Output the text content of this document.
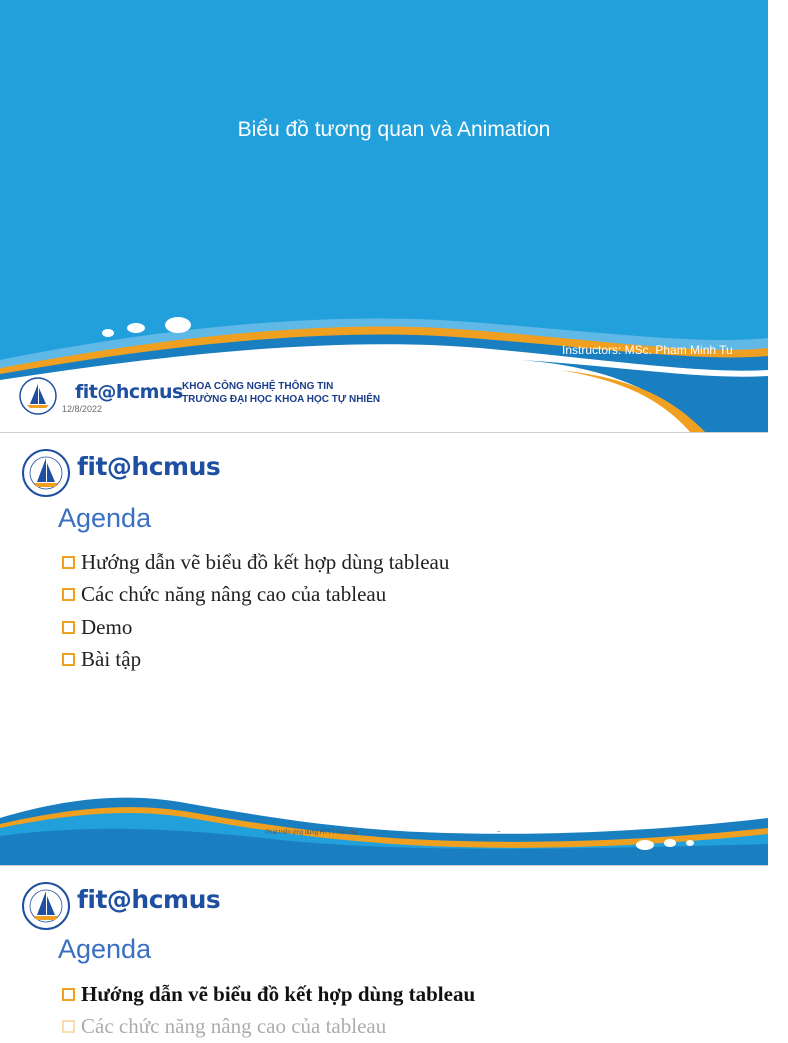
Biểu đồ tương quan và Animation
Instructors: MSc. Pham Minh Tu
fit@hcmus KHOA CÔNG NGHỆ THÔNG TIN
TRƯỜNG ĐẠI HỌC KHOA HỌC TỰ NHIÊN
12/8/2022
fit@hcmus
Agenda
Hướng dẫn vẽ biểu đồ kết hợp dùng tableau
Các chức năng nâng cao của tableau
Demo
Bài tập
Phát triển ứng dụng HTTT hiện đại	–
fit@hcmus
Agenda
Hướng dẫn vẽ biểu đồ kết hợp dùng tableau
Các chức năng nâng cao của tableau
